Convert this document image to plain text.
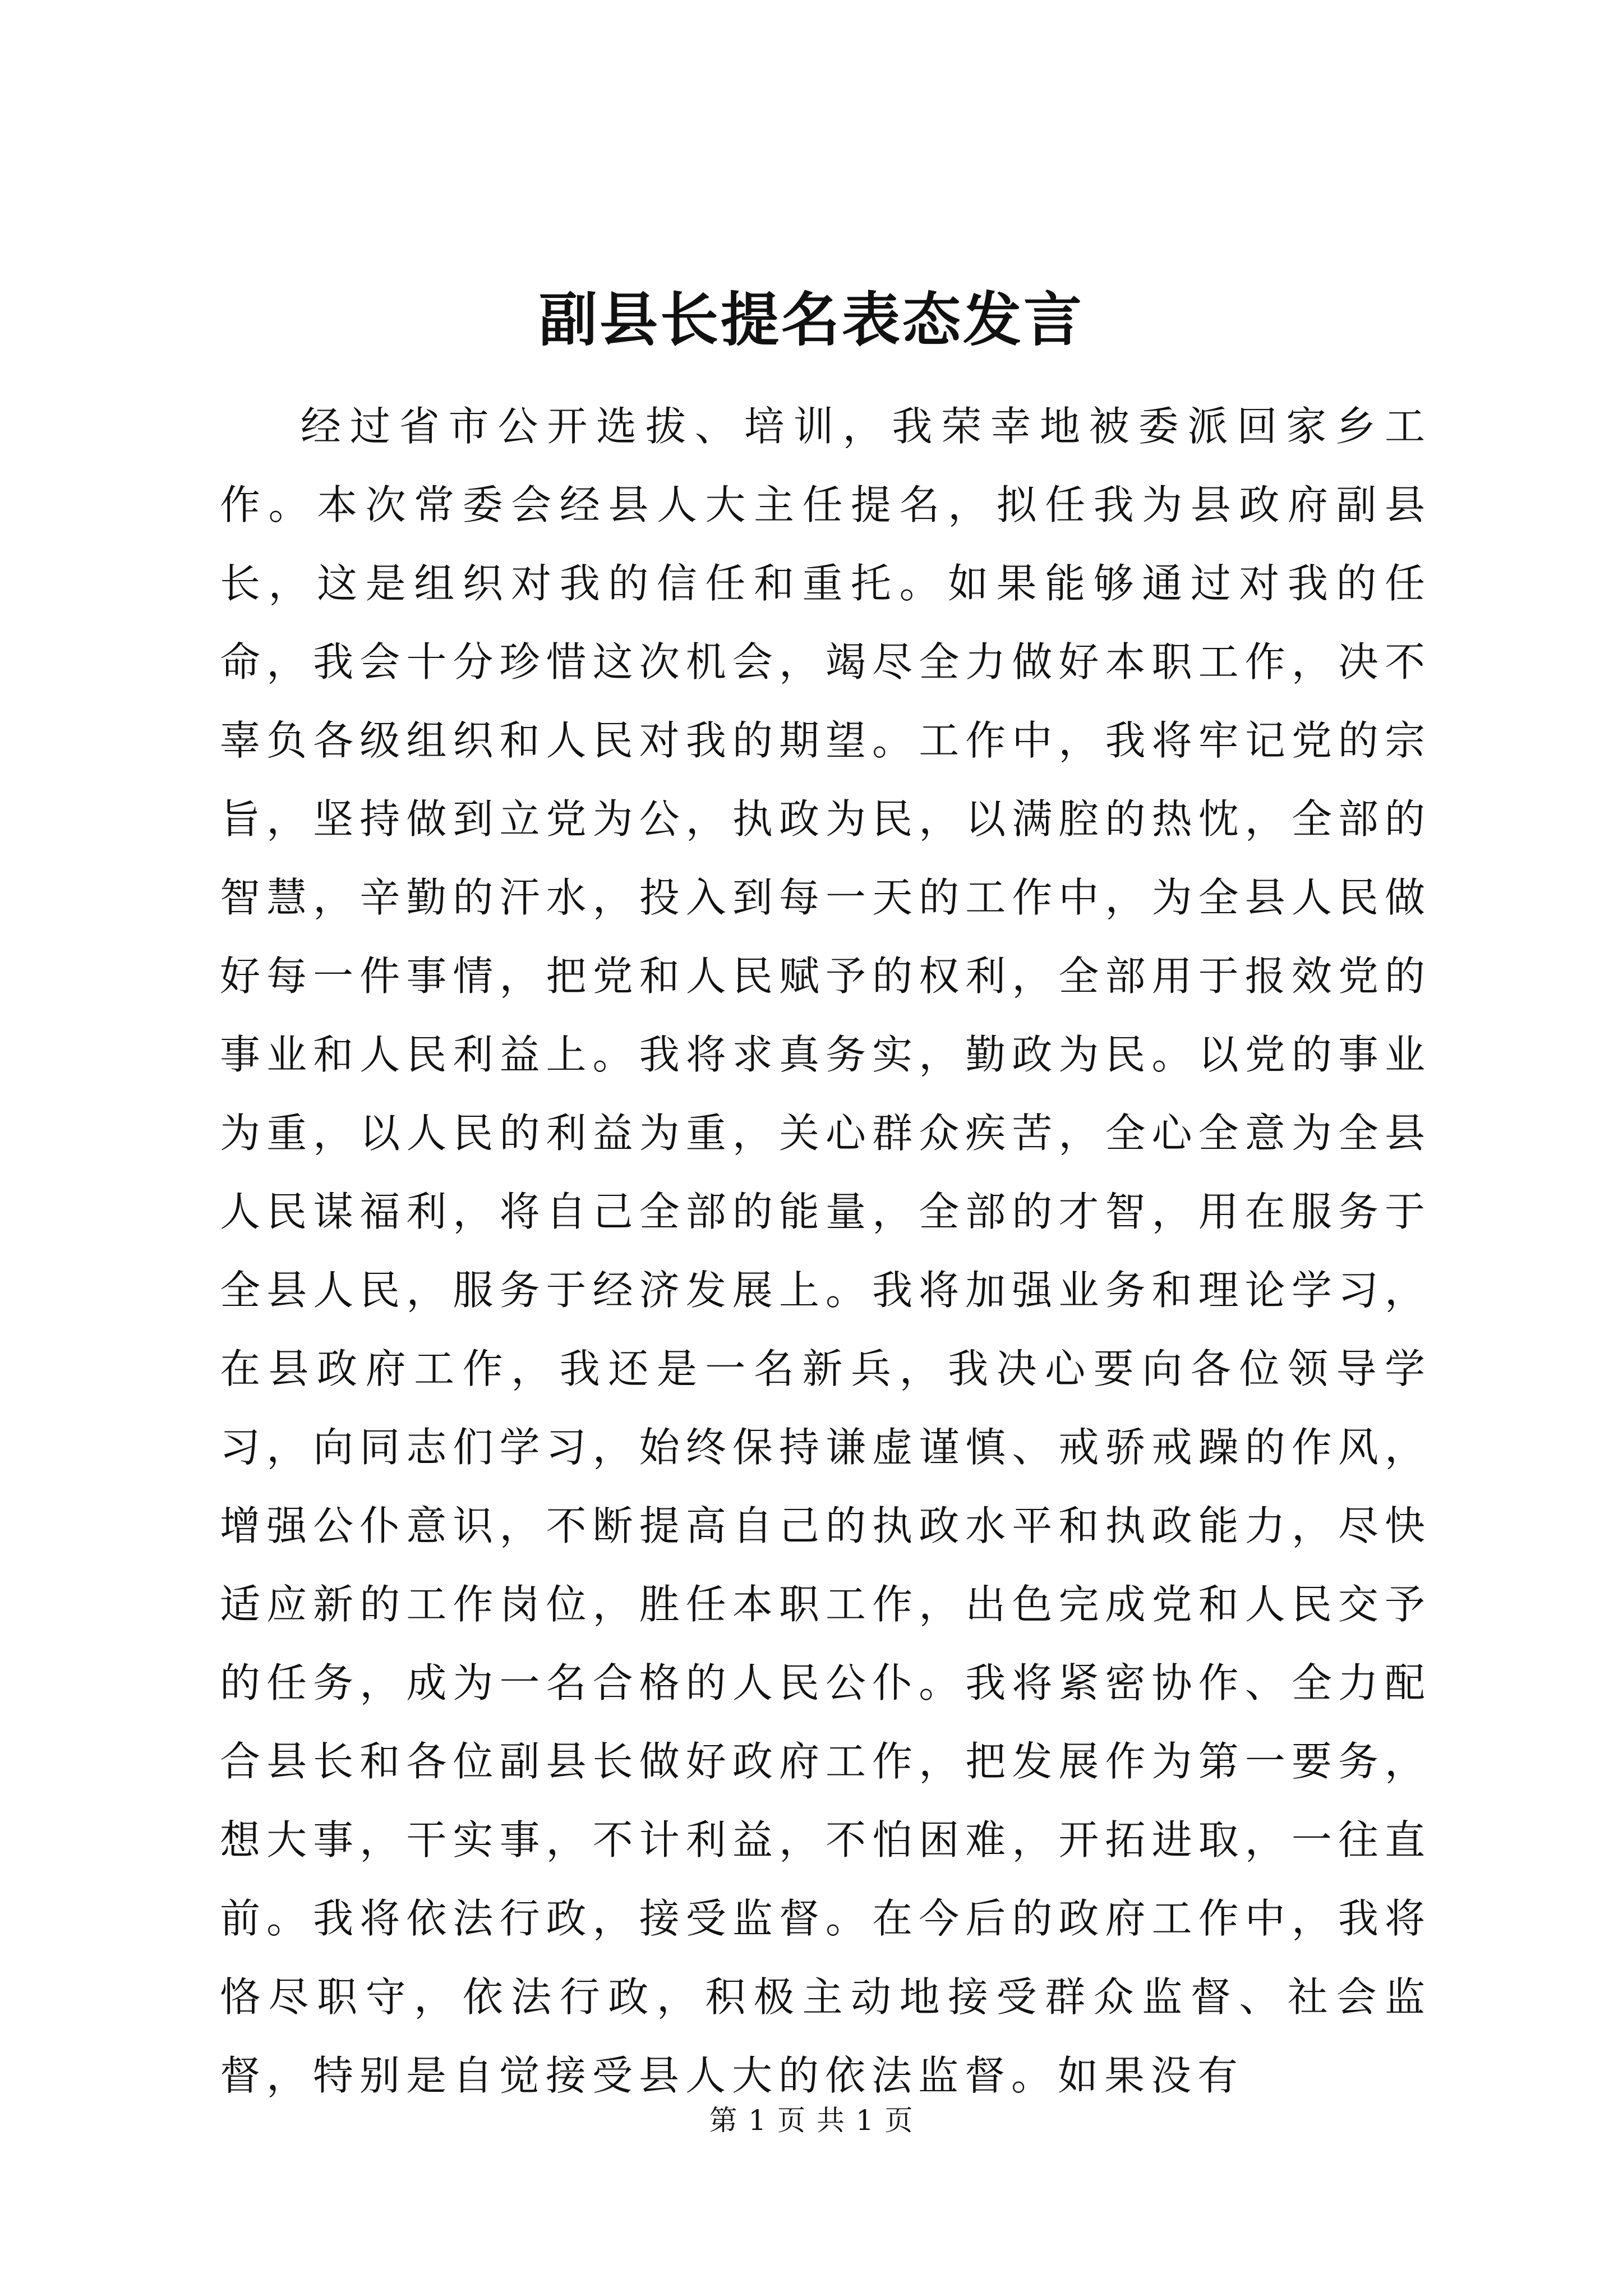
副县长提名表态发言

经过省市公开选拔、培训，我荣幸地被委派回家乡工作。本次常委会经县人大主任提名，拟任我为县政府副县长，这是组织对我的信任和重托。如果能够通过对我的任命，我会十分珍惜这次机会，竭尽全力做好本职工作，决不辜负各级组织和人民对我的期望。工作中，我将牢记党的宗旨，坚持做到立党为公，执政为民，以满腔的热忱，全部的智慧，辛勤的汗水，投入到每一天的工作中，为全县人民做好每一件事情，把党和人民赋予的权利，全部用于报效党的事业和人民利益上。我将求真务实，勤政为民。以党的事业为重，以人民的利益为重，关心群众疾苦，全心全意为全县人民谋福利，将自己全部的能量，全部的才智，用在服务于全县人民，服务于经济发展上。我将加强业务和理论学习，在县政府工作，我还是一名新兵，我决心要向各位领导学习，向同志们学习，始终保持谦虚谨慎、戒骄戒躁的作风，增强公仆意识，不断提高自己的执政水平和执政能力，尽快适应新的工作岗位，胜任本职工作，出色完成党和人民交予的任务，成为一名合格的人民公仆。我将紧密协作、全力配合县长和各位副县长做好政府工作，把发展作为第一要务，想大事，干实事，不计利益，不怕困难，开拓进取，一往直前。我将依法行政，接受监督。在今后的政府工作中，我将恪尽职守，依法行政，积极主动地接受群众监督、社会监督，特别是自觉接受县人大的依法监督。如果没有

第 1 页 共 1 页
